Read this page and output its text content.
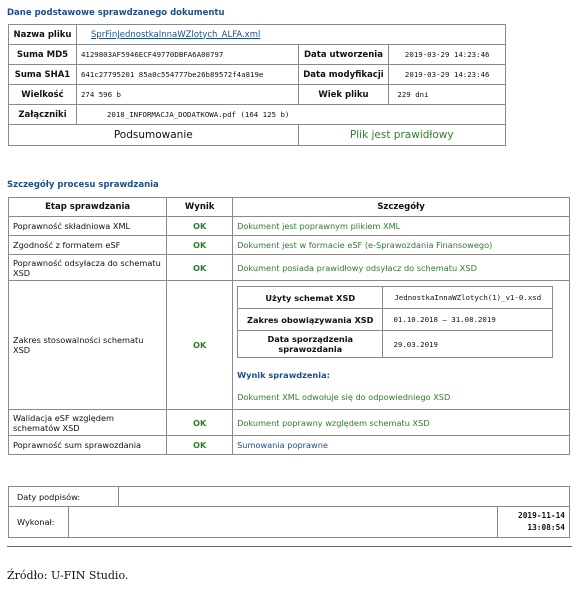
Dane podstawowe sprawdzanego dokumentu
Nazwa pliku	SprFinJednostkaInnaWZlotych_ALFA.xml		
Suma MD5	4129803AF5946ECF49770DBFA6A00797	Data utworzenia	2019-03-29 14:23:46
Suma SHA1	641c27795201 85a0c554777be26b89572f4a819e	Data modyfikacji	2019-03-29 14:23:46
Wielkość	274 596 b	Wiek pliku	229 dni
Załączniki	2018_INFORMACJA_DODATKOWA.pdf (164 125 b)		
Podsumowanie		Plik jest prawidłowy	
Szczegóły procesu sprawdzania
Etap sprawdzania	Wynik	Szczegóły
Poprawność składniowa XML	OK	Dokument jest poprawnym plikiem XML
Zgodność z formatem eSF	OK	Dokument jest w formacie eSF (e-Sprawozdania Finansowego)
Poprawność odsyłacza do schematu XSD	OK	Dokument posiada prawidłowy odsyłacz do schematu XSD
Zakres stosowalności schematu XSD	OK	
Użyty schemat XSD	JednostkaInnaWZlotych(1)_v1-0.xsd
Zakres obowiązywania XSD	01.10.2018 – 31.08.2019
Data sporządzenia sprawozdania	29.03.2019
Wynik sprawdzenia:
Dokument XML odwołuje się do odpowiedniego XSD

Walidacja eSF względem schematów XSD	OK	Dokument poprawny względem schematu XSD
Poprawność sum sprawozdania	OK	Sumowania poprawne
Daty podpisów:			
Wykonał:			2019-11-14
13:08:54
Źródło: U-FIN Studio.
